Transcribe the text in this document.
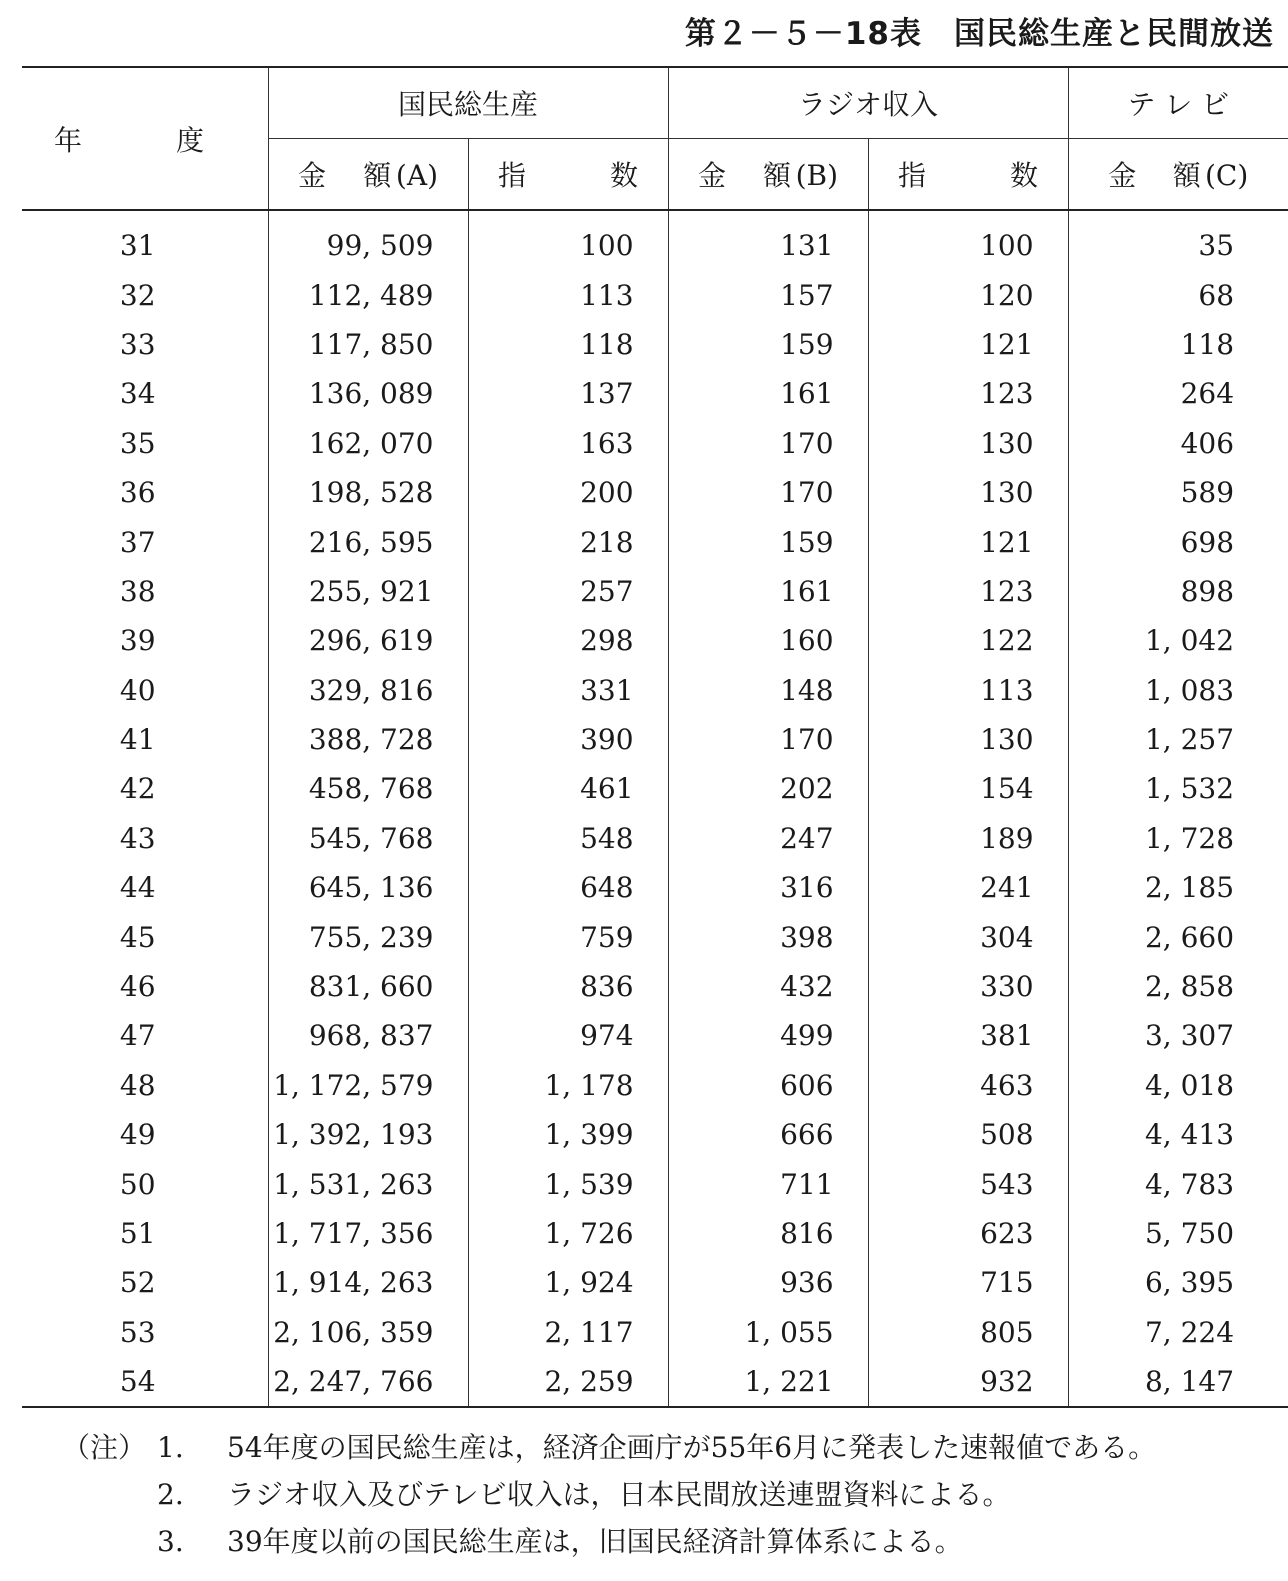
第２－５－18表　国民総生産と民間放送
年　　度	国民総生産		ラジオ収入		テ レ ビ
	金　額(A)	指　　数	金　額(B)	指　　数	金　額(C)
31	99, 509	100	131	100	35
32	112, 489	113	157	120	68
33	117, 850	118	159	121	118
34	136, 089	137	161	123	264
35	162, 070	163	170	130	406
36	198, 528	200	170	130	589
37	216, 595	218	159	121	698
38	255, 921	257	161	123	898
39	296, 619	298	160	122	1, 042
40	329, 816	331	148	113	1, 083
41	388, 728	390	170	130	1, 257
42	458, 768	461	202	154	1, 532
43	545, 768	548	247	189	1, 728
44	645, 136	648	316	241	2, 185
45	755, 239	759	398	304	2, 660
46	831, 660	836	432	330	2, 858
47	968, 837	974	499	381	3, 307
48	1, 172, 579	1, 178	606	463	4, 018
49	1, 392, 193	1, 399	666	508	4, 413
50	1, 531, 263	1, 539	711	543	4, 783
51	1, 717, 356	1, 726	816	623	5, 750
52	1, 914, 263	1, 924	936	715	6, 395
53	2, 106, 359	2, 117	1, 055	805	7, 224
54	2, 247, 766	2, 259	1, 221	932	8, 147
（注） 1.	54年度の国民総生産は，経済企画庁が55年6月に発表した速報値である。
2.	ラジオ収入及びテレビ収入は，日本民間放送連盟資料による。
3.	39年度以前の国民総生産は，旧国民経済計算体系による。
